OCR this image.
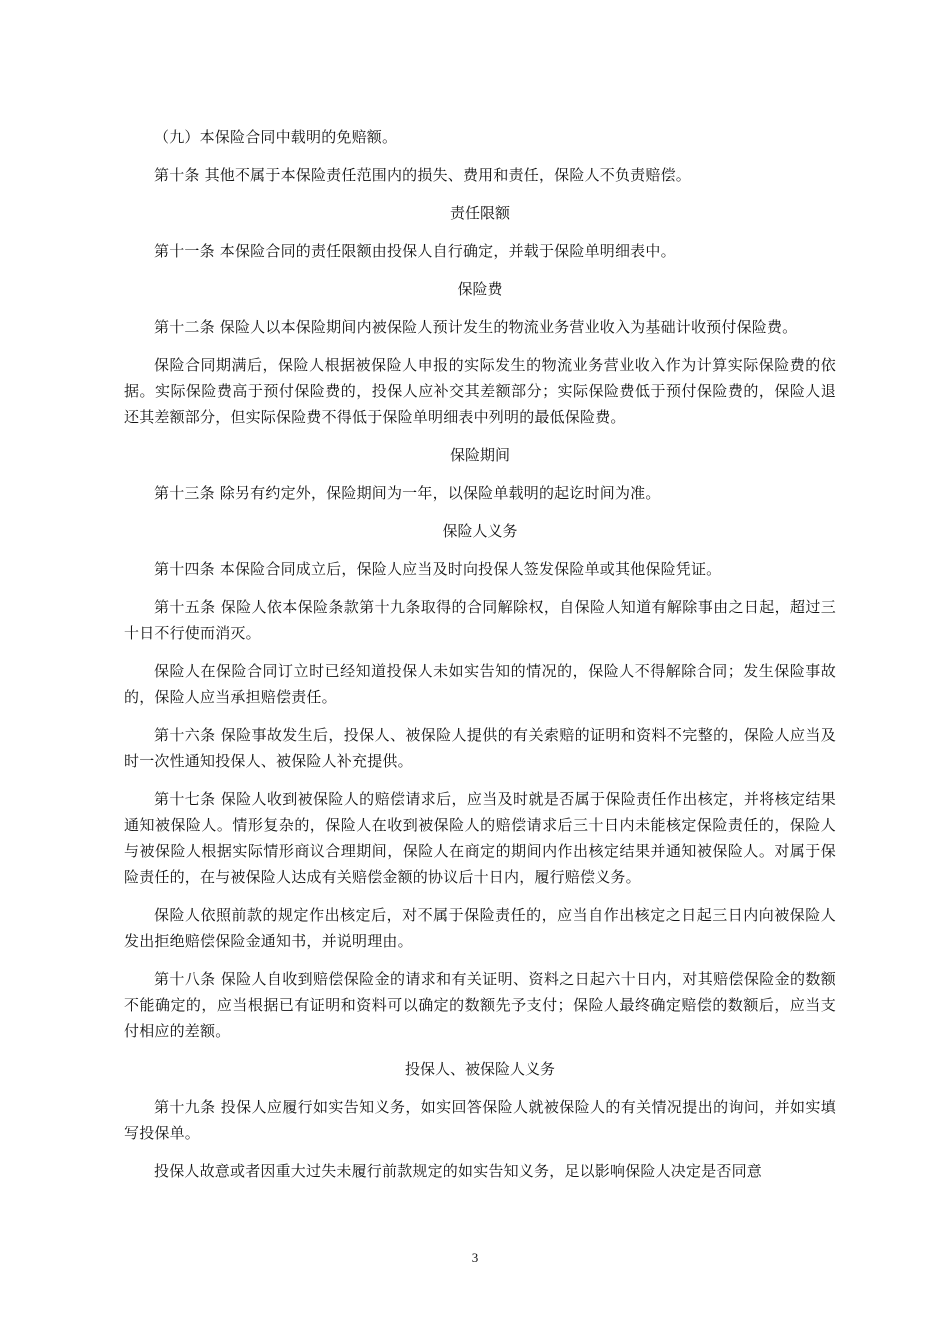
（九）本保险合同中载明的免赔额。

第十条 其他不属于本保险责任范围内的损失、费用和责任，保险人不负责赔偿。

责任限额

第十一条 本保险合同的责任限额由投保人自行确定，并载于保险单明细表中。

保险费

第十二条 保险人以本保险期间内被保险人预计发生的物流业务营业收入为基础计收预付保险费。

保险合同期满后，保险人根据被保险人申报的实际发生的物流业务营业收入作为计算实际保险费的依据。实际保险费高于预付保险费的，投保人应补交其差额部分；实际保险费低于预付保险费的，保险人退还其差额部分，但实际保险费不得低于保险单明细表中列明的最低保险费。

保险期间

第十三条 除另有约定外，保险期间为一年，以保险单载明的起讫时间为准。

保险人义务

第十四条 本保险合同成立后，保险人应当及时向投保人签发保险单或其他保险凭证。

第十五条 保险人依本保险条款第十九条取得的合同解除权，自保险人知道有解除事由之日起，超过三十日不行使而消灭。

保险人在保险合同订立时已经知道投保人未如实告知的情况的，保险人不得解除合同；发生保险事故的，保险人应当承担赔偿责任。

第十六条 保险事故发生后，投保人、被保险人提供的有关索赔的证明和资料不完整的，保险人应当及时一次性通知投保人、被保险人补充提供。

第十七条 保险人收到被保险人的赔偿请求后，应当及时就是否属于保险责任作出核定，并将核定结果通知被保险人。情形复杂的，保险人在收到被保险人的赔偿请求后三十日内未能核定保险责任的，保险人与被保险人根据实际情形商议合理期间，保险人在商定的期间内作出核定结果并通知被保险人。对属于保险责任的，在与被保险人达成有关赔偿金额的协议后十日内，履行赔偿义务。

保险人依照前款的规定作出核定后，对不属于保险责任的，应当自作出核定之日起三日内向被保险人发出拒绝赔偿保险金通知书，并说明理由。

第十八条 保险人自收到赔偿保险金的请求和有关证明、资料之日起六十日内，对其赔偿保险金的数额不能确定的，应当根据已有证明和资料可以确定的数额先予支付；保险人最终确定赔偿的数额后，应当支付相应的差额。

投保人、被保险人义务

第十九条 投保人应履行如实告知义务，如实回答保险人就被保险人的有关情况提出的询问，并如实填写投保单。

投保人故意或者因重大过失未履行前款规定的如实告知义务，足以影响保险人决定是否同意

3
